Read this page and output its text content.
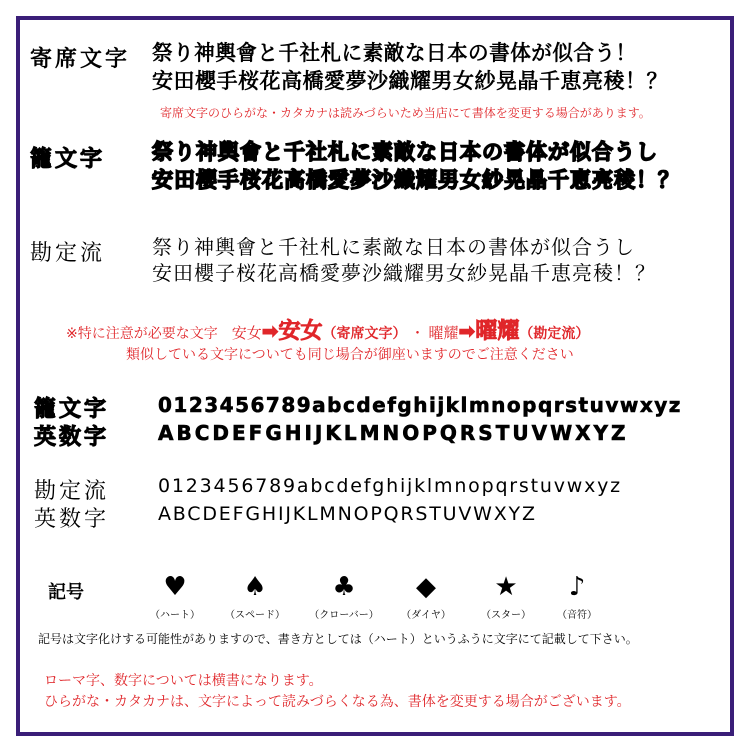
寄席文字 祭り神輿會と千社札に素敵な日本の書体が似合う！
安田櫻手桜花高橋愛夢沙織耀男女紗晃晶千恵亮稜！？
寄席文字のひらがな・カタカナは読みづらいため当店にて書体を変更する場合があります。
籠文字 祭り神輿會と千社札に素敵な日本の書体が似合うし
安田櫻手桜花高橋愛夢沙織耀男女紗晃晶千恵亮稜！？
勘定流 祭り神輿會と千社札に素敵な日本の書体が似合うし
安田櫻子桜花高橋愛夢沙織耀男女紗晃晶千恵亮稜！？
※特に注意が必要な文字 安女 ➡ 安女 （寄席文字） ・ 曜耀 ➡ 曜耀 （勘定流）
類似している文字についても同じ場合が御座いますのでご注意ください
籠文字
英数字
0123456789abcdefghijklmnopqrstuvwxyz
ABCDEFGHIJKLMNOPQRSTUVWXYZ
勘定流
英数字
0123456789abcdefghijklmnopqrstuvwxyz
ABCDEFGHIJKLMNOPQRSTUVWXYZ
記号	♥
（ハート）
♠
（スペード）
♣
（クローバー）
◆
（ダイヤ）
★
（スター）
♪
（音符）
記号は文字化けする可能性がありますので、書き方としては（ハート）というふうに文字にて記載して下さい。
ローマ字、数字については横書になります。
ひらがな・カタカナは、文字によって読みづらくなる為、書体を変更する場合がございます。
